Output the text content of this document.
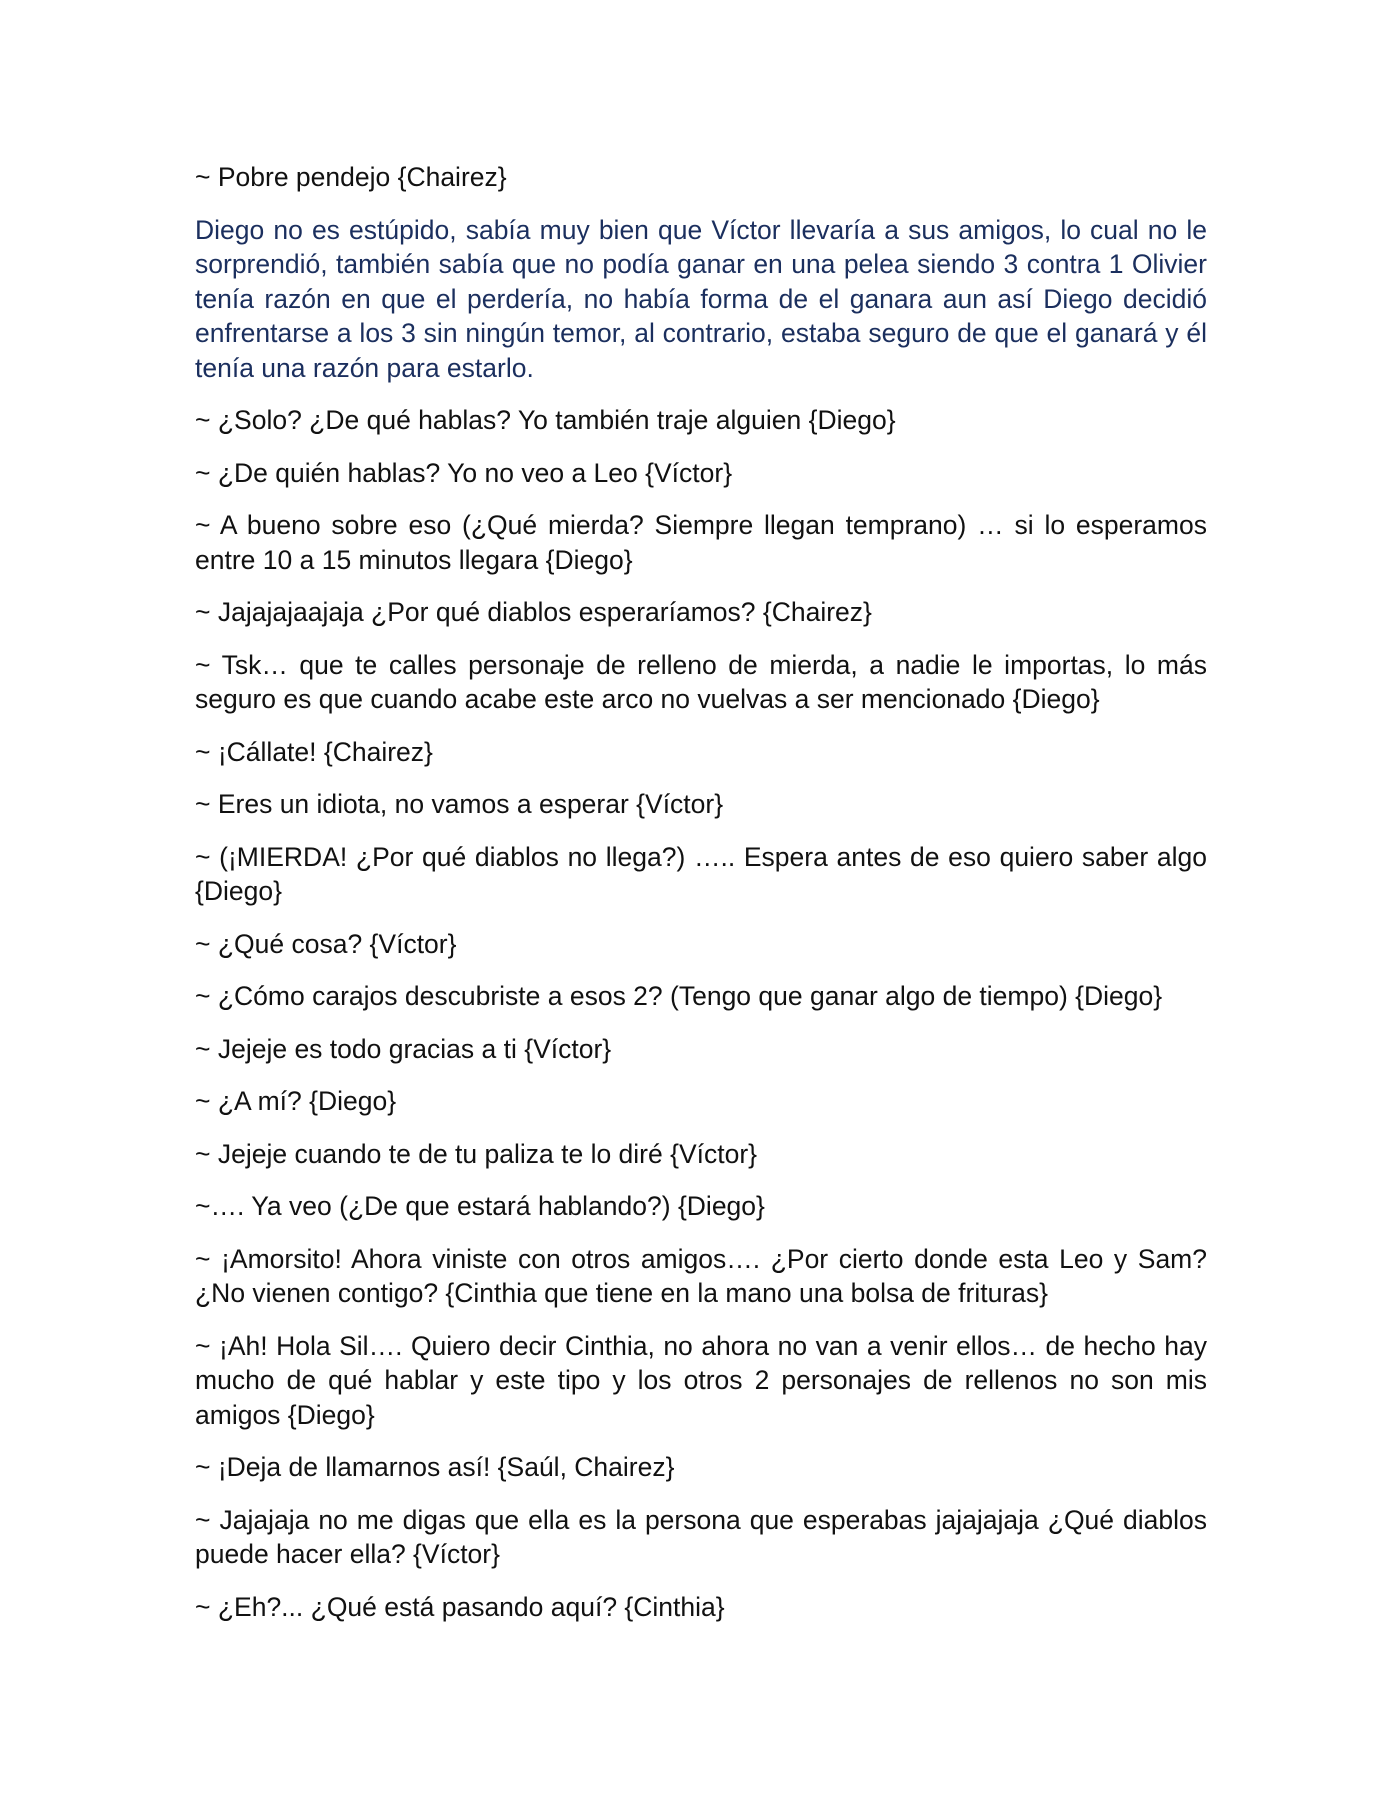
~ Pobre pendejo {Chairez}

Diego no es estúpido, sabía muy bien que Víctor llevaría a sus amigos, lo cual no le sorprendió, también sabía que no podía ganar en una pelea siendo 3 contra 1 Olivier tenía razón en que el perdería, no había forma de el ganara aun así Diego decidió enfrentarse a los 3 sin ningún temor, al contrario, estaba seguro de que el ganará y él tenía una razón para estarlo.

~ ¿Solo? ¿De qué hablas? Yo también traje alguien {Diego}

~ ¿De quién hablas? Yo no veo a Leo {Víctor}

~ A bueno sobre eso (¿Qué mierda? Siempre llegan temprano) … si lo esperamos entre 10 a 15 minutos llegara {Diego}

~ Jajajajaajaja ¿Por qué diablos esperaríamos? {Chairez}

~ Tsk… que te calles personaje de relleno de mierda, a nadie le importas, lo más seguro es que cuando acabe este arco no vuelvas a ser mencionado {Diego}

~ ¡Cállate! {Chairez}

~ Eres un idiota, no vamos a esperar {Víctor}

~ (¡MIERDA! ¿Por qué diablos no llega?) ….. Espera antes de eso quiero saber algo {Diego}

~ ¿Qué cosa? {Víctor}

~ ¿Cómo carajos descubriste a esos 2? (Tengo que ganar algo de tiempo) {Diego}

~ Jejeje es todo gracias a ti {Víctor}

~ ¿A mí? {Diego}

~ Jejeje cuando te de tu paliza te lo diré {Víctor}

~…. Ya veo (¿De que estará hablando?) {Diego}

~ ¡Amorsito! Ahora viniste con otros amigos…. ¿Por cierto donde esta Leo y Sam? ¿No vienen contigo? {Cinthia que tiene en la mano una bolsa de frituras}

~ ¡Ah! Hola Sil…. Quiero decir Cinthia, no ahora no van a venir ellos… de hecho hay mucho de qué hablar y este tipo y los otros 2 personajes de rellenos no son mis amigos {Diego}

~ ¡Deja de llamarnos así! {Saúl, Chairez}

~ Jajajaja no me digas que ella es la persona que esperabas jajajajaja ¿Qué diablos puede hacer ella? {Víctor}

~ ¿Eh?... ¿Qué está pasando aquí? {Cinthia}
